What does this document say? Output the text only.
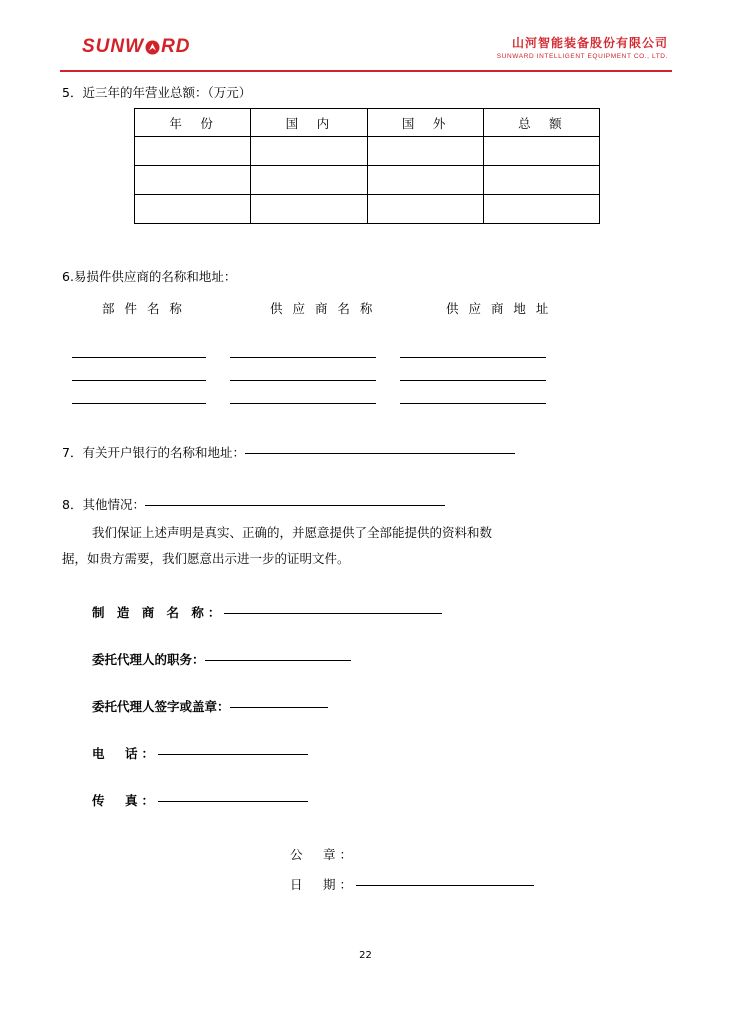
SUNW RD	山河智能装备股份有限公司
SUNWARD INTELLIGENT EQUIPMENT CO., LTD.
5．近三年的年营业总额：（万元）
年　份	国　内	国　外	总　额

6.易损件供应商的名称和地址：
部 件 名 称	供 应 商 名 称	供 应 商 地 址
7．有关开户银行的名称和地址：
8．其他情况：
我们保证上述声明是真实、正确的，并愿意提供了全部能提供的资料和数
据，如贵方需要，我们愿意出示进一步的证明文件。
制 造 商 名 称：
委托代理人的职务：
委托代理人签字或盖章：
电　话：
传　真：
公　章：
日　期：
22
